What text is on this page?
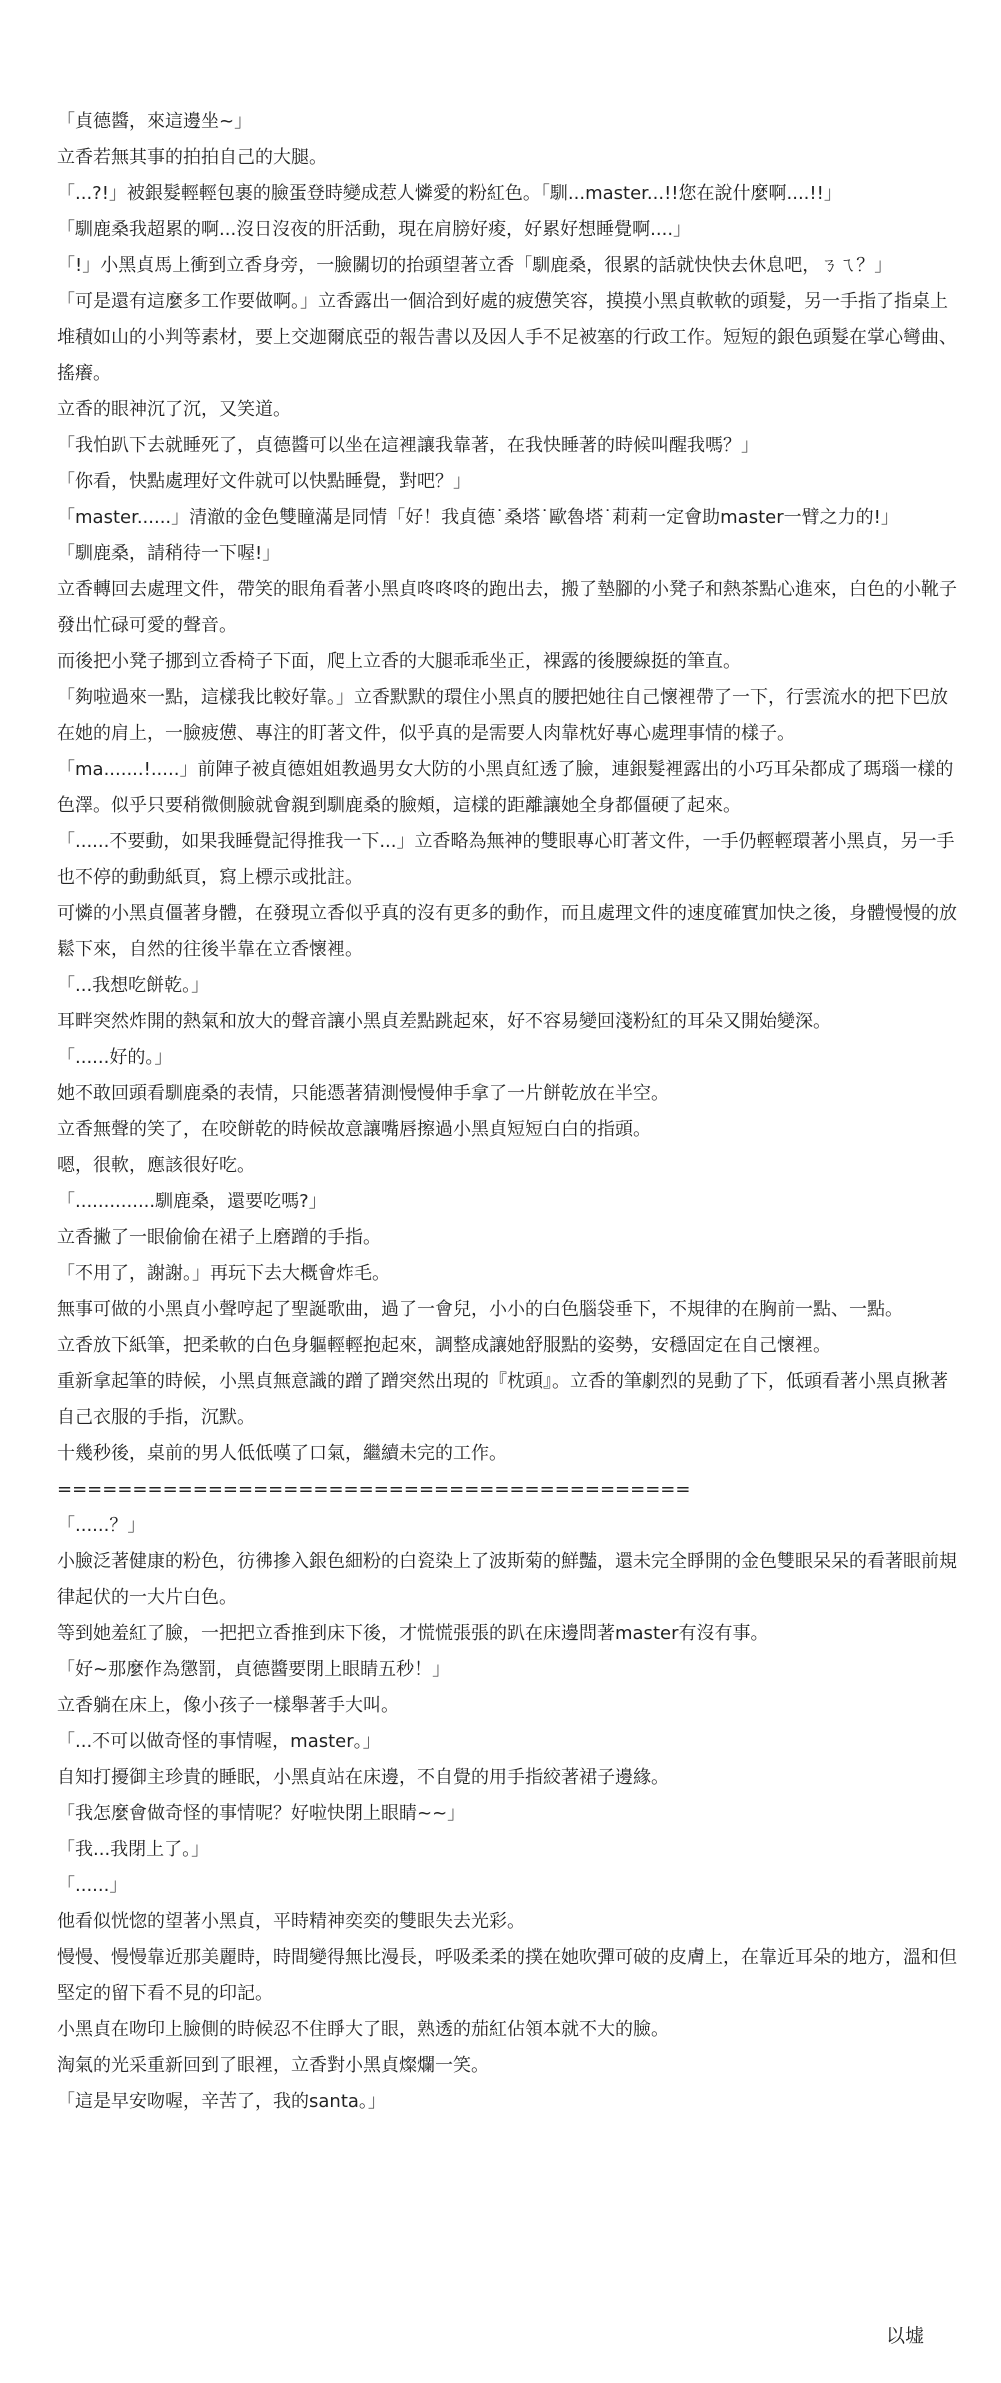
「貞德醬，來這邊坐~」

立香若無其事的拍拍自己的大腿。

「...?!」被銀髮輕輕包裹的臉蛋登時變成惹人憐愛的粉紅色。「馴...master...!!您在說什麼啊....!!」

「馴鹿桑我超累的啊...沒日沒夜的肝活動，現在肩膀好痠，好累好想睡覺啊....」

「!」小黑貞馬上衝到立香身旁，一臉關切的抬頭望著立香「馴鹿桑，很累的話就快快去休息吧，ㄋㄟ？」

「可是還有這麼多工作要做啊。」立香露出一個洽到好處的疲憊笑容，摸摸小黑貞軟軟的頭髮，另一手指了指桌上堆積如山的小判等素材，要上交迦爾底亞的報告書以及因人手不足被塞的行政工作。短短的銀色頭髮在掌心彎曲、搖癢。

立香的眼神沉了沉，又笑道。

「我怕趴下去就睡死了，貞德醬可以坐在這裡讓我靠著，在我快睡著的時候叫醒我嗎？」

「你看，快點處理好文件就可以快點睡覺，對吧？」

「master......」清澈的金色雙瞳滿是同情「好！我貞德˙桑塔˙歐魯塔˙莉莉一定會助master一臂之力的!」

「馴鹿桑，請稍待一下喔!」

立香轉回去處理文件，帶笑的眼角看著小黑貞咚咚咚的跑出去，搬了墊腳的小凳子和熱茶點心進來，白色的小靴子發出忙碌可愛的聲音。

而後把小凳子挪到立香椅子下面，爬上立香的大腿乖乖坐正，裸露的後腰線挺的筆直。

「夠啦過來一點，這樣我比較好靠。」立香默默的環住小黑貞的腰把她往自己懷裡帶了一下，行雲流水的把下巴放在她的肩上，一臉疲憊、專注的盯著文件，似乎真的是需要人肉靠枕好專心處理事情的樣子。

「ma.......!.....」前陣子被貞德姐姐教過男女大防的小黑貞紅透了臉，連銀髮裡露出的小巧耳朵都成了瑪瑙一樣的色澤。似乎只要稍微側臉就會親到馴鹿桑的臉頰，這樣的距離讓她全身都僵硬了起來。

「......不要動，如果我睡覺記得推我一下...」立香略為無神的雙眼專心盯著文件，一手仍輕輕環著小黑貞，另一手也不停的動動紙頁，寫上標示或批註。

可憐的小黑貞僵著身體，在發現立香似乎真的沒有更多的動作，而且處理文件的速度確實加快之後，身體慢慢的放鬆下來，自然的往後半靠在立香懷裡。

「...我想吃餅乾。」

耳畔突然炸開的熱氣和放大的聲音讓小黑貞差點跳起來，好不容易變回淺粉紅的耳朵又開始變深。

「......好的。」

她不敢回頭看馴鹿桑的表情，只能憑著猜測慢慢伸手拿了一片餅乾放在半空。

立香無聲的笑了，在咬餅乾的時候故意讓嘴唇擦過小黑貞短短白白的指頭。

嗯，很軟，應該很好吃。

「..............馴鹿桑，還要吃嗎?」

立香撇了一眼偷偷在裙子上磨蹭的手指。

「不用了，謝謝。」再玩下去大概會炸毛。

無事可做的小黑貞小聲哼起了聖誕歌曲，過了一會兒，小小的白色腦袋垂下，不規律的在胸前一點、一點。

立香放下紙筆，把柔軟的白色身軀輕輕抱起來，調整成讓她舒服點的姿勢，安穩固定在自己懷裡。

重新拿起筆的時候，小黑貞無意識的蹭了蹭突然出現的『枕頭』。立香的筆劇烈的晃動了下，低頭看著小黑貞揪著自己衣服的手指，沉默。

十幾秒後，桌前的男人低低嘆了口氣，繼續未完的工作。

==========================================

「......？」

小臉泛著健康的粉色，彷彿摻入銀色細粉的白瓷染上了波斯菊的鮮豔，還未完全睜開的金色雙眼呆呆的看著眼前規律起伏的一大片白色。

等到她羞紅了臉，一把把立香推到床下後，才慌慌張張的趴在床邊問著master有沒有事。

「好~那麼作為懲罰，貞德醬要閉上眼睛五秒！」

立香躺在床上，像小孩子一樣舉著手大叫。

「...不可以做奇怪的事情喔，master。」

自知打擾御主珍貴的睡眠，小黑貞站在床邊，不自覺的用手指絞著裙子邊緣。

「我怎麼會做奇怪的事情呢？好啦快閉上眼睛~~」

「我...我閉上了。」

「......」

他看似恍惚的望著小黑貞，平時精神奕奕的雙眼失去光彩。

慢慢、慢慢靠近那美麗時，時間變得無比漫長，呼吸柔柔的撲在她吹彈可破的皮膚上，在靠近耳朵的地方，溫和但堅定的留下看不見的印記。

小黑貞在吻印上臉側的時候忍不住睜大了眼，熟透的茄紅佔領本就不大的臉。

淘氣的光采重新回到了眼裡，立香對小黑貞燦爛一笑。

「這是早安吻喔，辛苦了，我的santa。」

以墟
